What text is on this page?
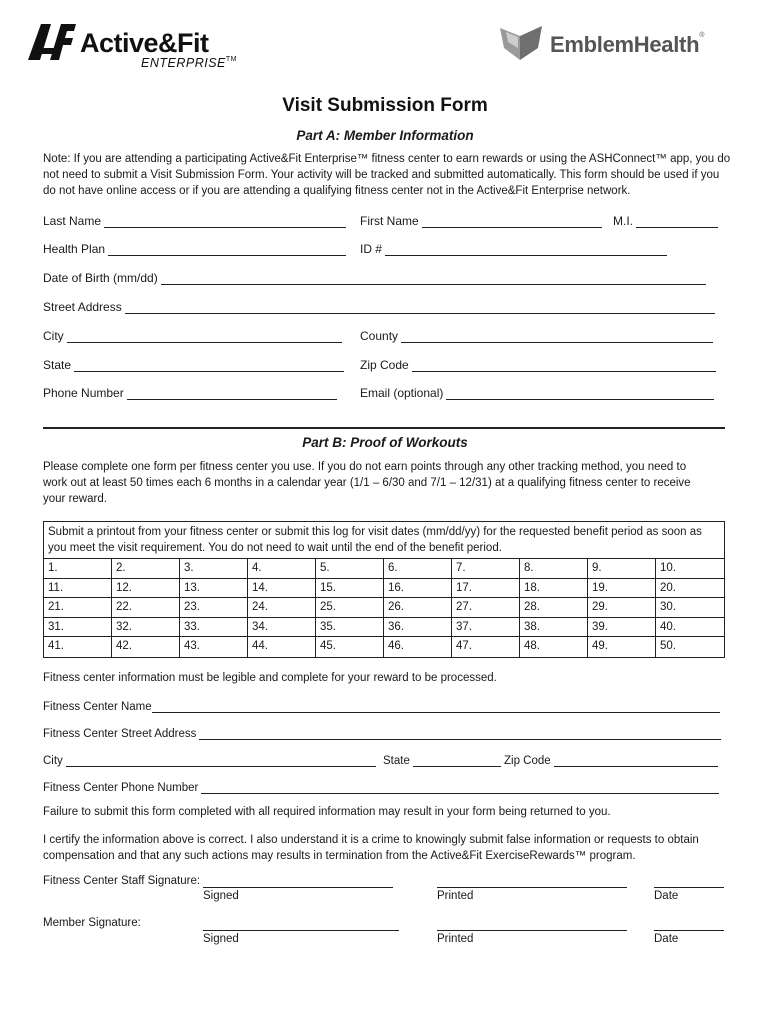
Active&Fit
ENTERPRISE™
EmblemHealth®
Visit Submission Form
Part A: Member Information
Note: If you are attending a participating Active&Fit Enterprise™ fitness center to earn rewards or using the ASHConnect™ app, you do not need to submit a Visit Submission Form. Your activity will be tracked and submitted automatically. This form should be used if you do not have online access or if you are attending a qualifying fitness center not in the Active&Fit Enterprise network.
Last Name	First Name	M.I.
Health Plan	ID #
Date of Birth (mm/dd)
Street Address
City	County
State	Zip Code
Phone Number	Email (optional)
Part B: Proof of Workouts
Please complete one form per fitness center you use. If you do not earn points through any other tracking method, you need to work out at least 50 times each 6 months in a calendar year (1/1 – 6/30 and 7/1 – 12/31) at a qualifying fitness center to receive your reward.
Submit a printout from your fitness center or submit this log for visit dates (mm/dd/yy) for the requested benefit period as soon as you meet the visit requirement. You do not need to wait until the end of the benefit period.
1.	2.	3.	4.	5.	6.	7.	8.	9.	10.
11.	12.	13.	14.	15.	16.	17.	18.	19.	20.
21.	22.	23.	24.	25.	26.	27.	28.	29.	30.
31.	32.	33.	34.	35.	36.	37.	38.	39.	40.
41.	42.	43.	44.	45.	46.	47.	48.	49.	50.
Fitness center information must be legible and complete for your reward to be processed.
Fitness Center Name
Fitness Center Street Address
City	State	Zip Code
Fitness Center Phone Number
Failure to submit this form completed with all required information may result in your form being returned to you.
I certify the information above is correct. I also understand it is a crime to knowingly submit false information or requests to obtain compensation and that any such actions may results in termination from the Active&Fit ExerciseRewards™ program.
Fitness Center Staff Signature:
Signed	Printed	Date
Member Signature:
Signed	Printed	Date
